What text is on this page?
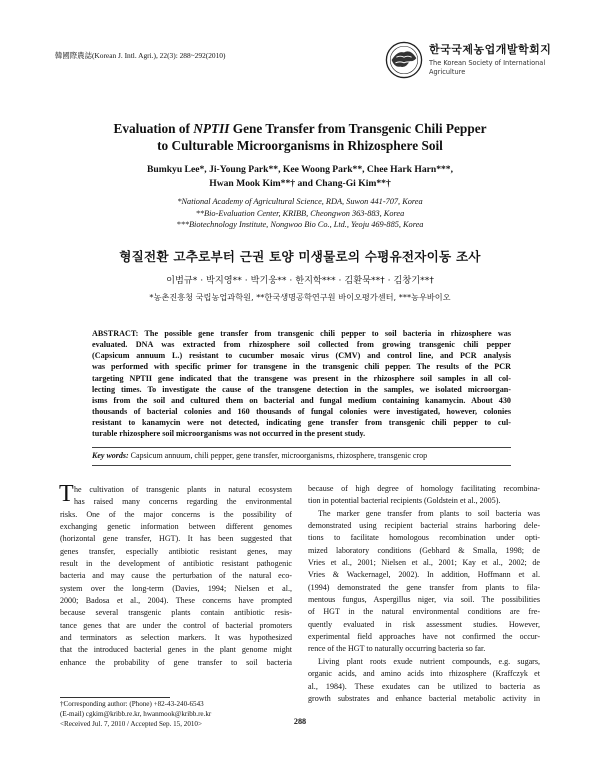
韓國際農誌(Korean J. Intl. Agri.), 22(3): 288~292(2010)	한국국제농업개발학회지
The Korean Society of International
Agriculture
Evaluation of NPTII Gene Transfer from Transgenic Chili Pepper
to Culturable Microorganisms in Rhizosphere Soil
Bumkyu Lee*, Ji-Young Park**, Kee Woong Park**, Chee Hark Harn***,
Hwan Mook Kim**† and Chang-Gi Kim**†
*National Academy of Agricultural Science, RDA, Suwon 441-707, Korea
**Bio-Evaluation Center, KRIBB, Cheongwon 363-883, Korea
***Biotechnology Institute, Nongwoo Bio Co., Ltd., Yeoju 469-885, Korea
형질전환 고추로부터 근권 토양 미생물로의 수평유전자이동 조사
이범규* · 박지영** · 박기웅** · 한지학*** · 김환묵**† · 김창기**†
*농촌진흥청 국립농업과학원, **한국생명공학연구원 바이오평가센터, ***농우바이오
ABSTRACT: The possible gene transfer from transgenic chili pepper to soil bacteria in rhizosphere was
evaluated. DNA was extracted from rhizosphere soil collected from growing transgenic chili pepper
(Capsicum annuum L.) resistant to cucumber mosaic virus (CMV) and control line, and PCR analysis
was performed with specific primer for transgene in the transgenic chili pepper. The results of the PCR
targeting NPTII gene indicated that the transgene was present in the rhizosphere soil samples in all col-
lecting times. To investigate the cause of the transgene detection in the samples, we isolated microorgan-
isms from the soil and cultured them on bacterial and fungal medium containing kanamycin. About 430
thousands of bacterial colonies and 160 thousands of fungal colonies were investigated, however, colonies
resistant to kanamycin were not detected, indicating gene transfer from transgenic chili pepper to cul-
turable rhizosphere soil microorganisms was not occurred in the present study.
Key words: Capsicum annuum, chili pepper, gene transfer, microorganisms, rhizosphere, transgenic crop
T he cultivation of transgenic plants in natural ecosystem
has raised many concerns regarding the environmental
risks. One of the major concerns is the possibility of
exchanging genetic information between different genomes
(horizontal gene transfer, HGT). It has been suggested that
genes transfer, especially antibiotic resistant genes, may
result in the development of antibiotic resistant pathogenic
bacteria and may cause the perturbation of the natural eco-
system over the long-term (Davies, 1994; Nielsen et al.,
2000; Badosa et al., 2004). These concerns have prompted
because several transgenic plants contain antibiotic resis-
tance genes that are under the control of bacterial promoters
and terminators as selection markers. It was hypothesized
that the introduced bacterial genes in the plant genome might
enhance the probability of gene transfer to soil bacteria
because of high degree of homology facilitating recombina-
tion in potential bacterial recipients (Goldstein et al., 2005).
The marker gene transfer from plants to soil bacteria was
demonstrated using recipient bacterial strains harboring dele-
tions to facilitate homologous recombination under opti-
mized laboratory conditions (Gebhard & Smalla, 1998; de
Vries et al., 2001; Nielsen et al., 2001; Kay et al., 2002; de
Vries & Wackernagel, 2002). In addition, Hoffmann et al.
(1994) demonstrated the gene transfer from plants to fila-
mentous fungus, Aspergillus niger, via soil. The possibilities
of HGT in the natural environmental conditions are fre-
quently evaluated in risk assessment studies. However,
experimental field approaches have not confirmed the occur-
rence of the HGT to naturally occurring bacteria so far.
Living plant roots exude nutrient compounds, e.g. sugars,
organic acids, and amino acids into rhizosphere (Kraffczyk et
al., 1984). These exudates can be utilized to bacteria as
growth substrates and enhance bacterial metabolic activity in
†Corresponding author: (Phone) +82-43-240-6543
(E-mail) cgkim@kribb.re.kr, hwanmook@kribb.re.kr
<Received Jul. 7, 2010 / Accepted Sep. 15, 2010>	288
